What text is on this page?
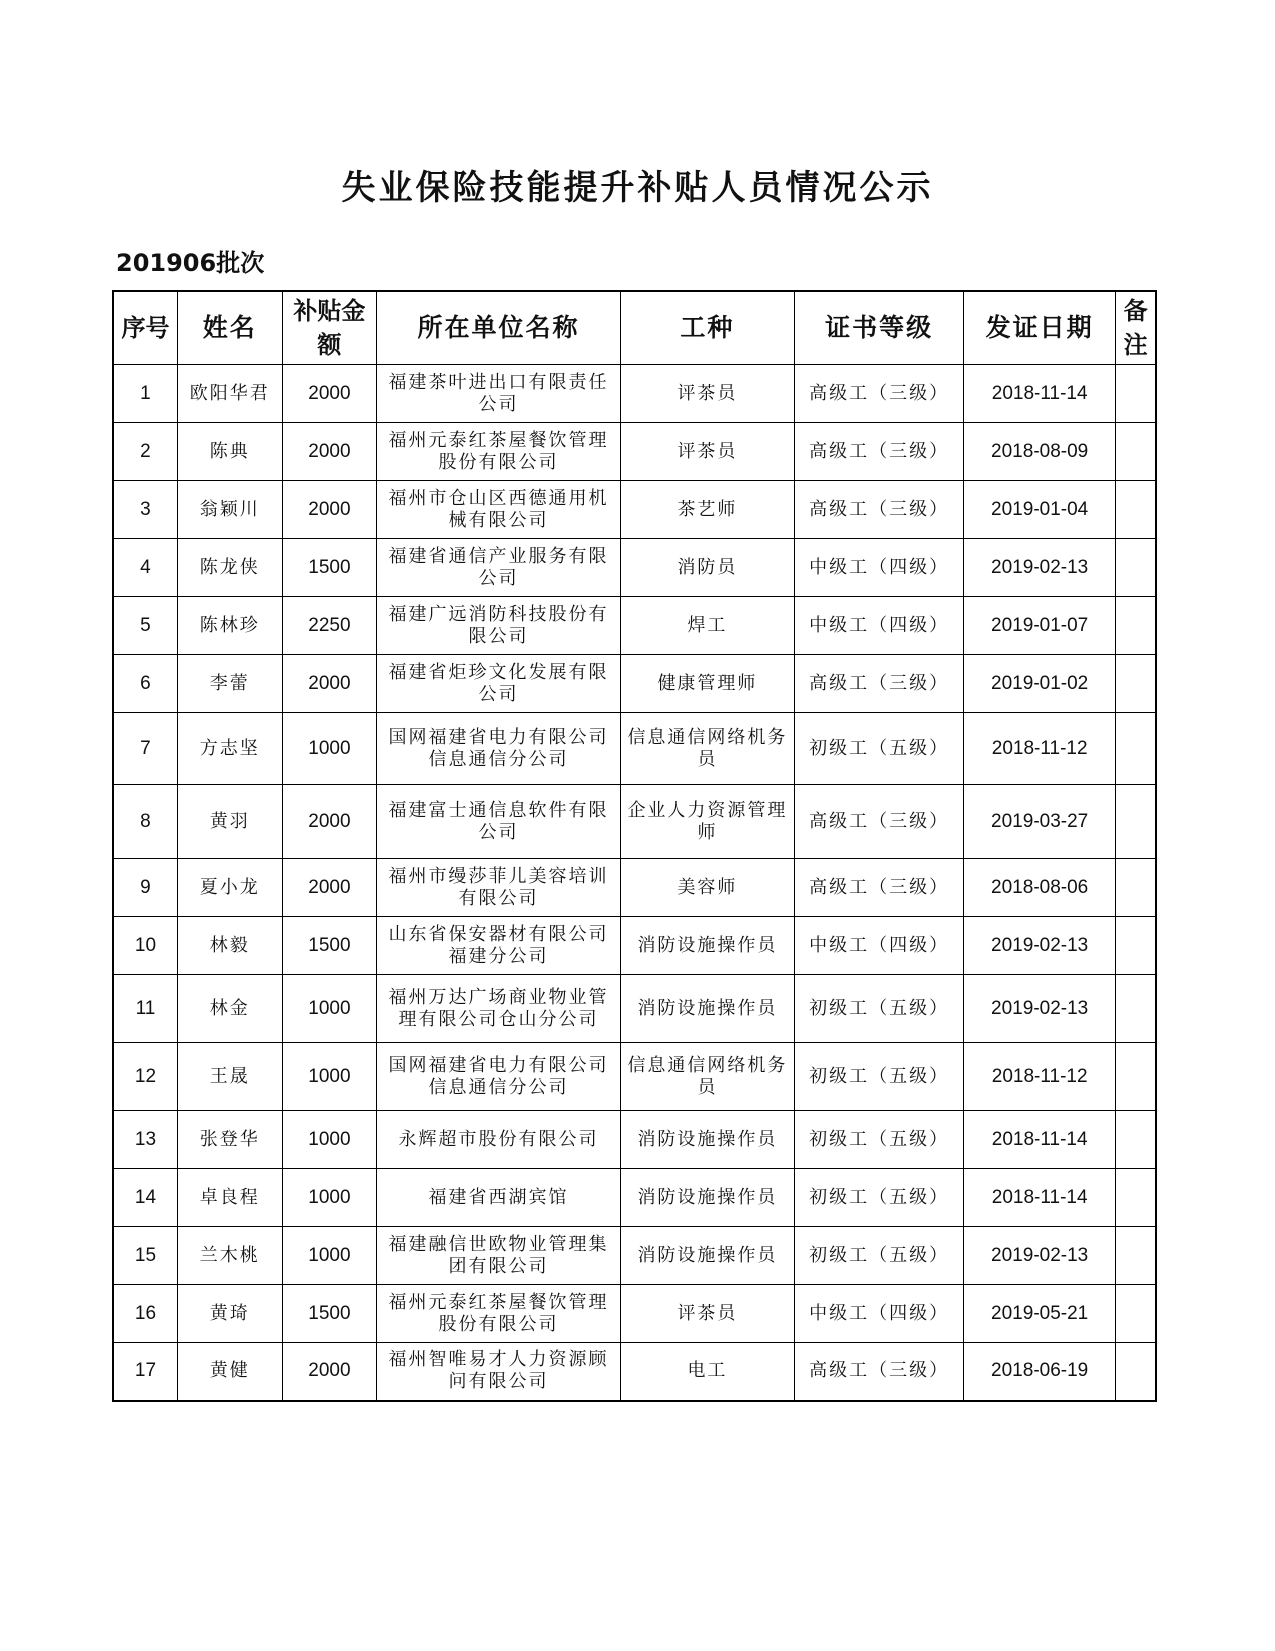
失业保险技能提升补贴人员情况公示
201906批次
序号	姓名	补贴金额	所在单位名称	工种	证书等级	发证日期	备注
1	欧阳华君	2000	福建茶叶进出口有限责任公司	评茶员	高级工（三级）	2018-11-14	
2	陈典	2000	福州元泰红茶屋餐饮管理股份有限公司	评茶员	高级工（三级）	2018-08-09	
3	翁颖川	2000	福州市仓山区西德通用机械有限公司	茶艺师	高级工（三级）	2019-01-04	
4	陈龙侠	1500	福建省通信产业服务有限公司	消防员	中级工（四级）	2019-02-13	
5	陈林珍	2250	福建广远消防科技股份有限公司	焊工	中级工（四级）	2019-01-07	
6	李蕾	2000	福建省炬珍文化发展有限公司	健康管理师	高级工（三级）	2019-01-02	
7	方志坚	1000	国网福建省电力有限公司信息通信分公司	信息通信网络机务员	初级工（五级）	2018-11-12	
8	黄羽	2000	福建富士通信息软件有限公司	企业人力资源管理师	高级工（三级）	2019-03-27	
9	夏小龙	2000	福州市缦莎菲儿美容培训有限公司	美容师	高级工（三级）	2018-08-06	
10	林毅	1500	山东省保安器材有限公司福建分公司	消防设施操作员	中级工（四级）	2019-02-13	
11	林金	1000	福州万达广场商业物业管理有限公司仓山分公司	消防设施操作员	初级工（五级）	2019-02-13	
12	王晟	1000	国网福建省电力有限公司信息通信分公司	信息通信网络机务员	初级工（五级）	2018-11-12	
13	张登华	1000	永辉超市股份有限公司	消防设施操作员	初级工（五级）	2018-11-14	
14	卓良程	1000	福建省西湖宾馆	消防设施操作员	初级工（五级）	2018-11-14	
15	兰木桃	1000	福建融信世欧物业管理集团有限公司	消防设施操作员	初级工（五级）	2019-02-13	
16	黄琦	1500	福州元泰红茶屋餐饮管理股份有限公司	评茶员	中级工（四级）	2019-05-21	
17	黄健	2000	福州智唯易才人力资源顾问有限公司	电工	高级工（三级）	2018-06-19	
